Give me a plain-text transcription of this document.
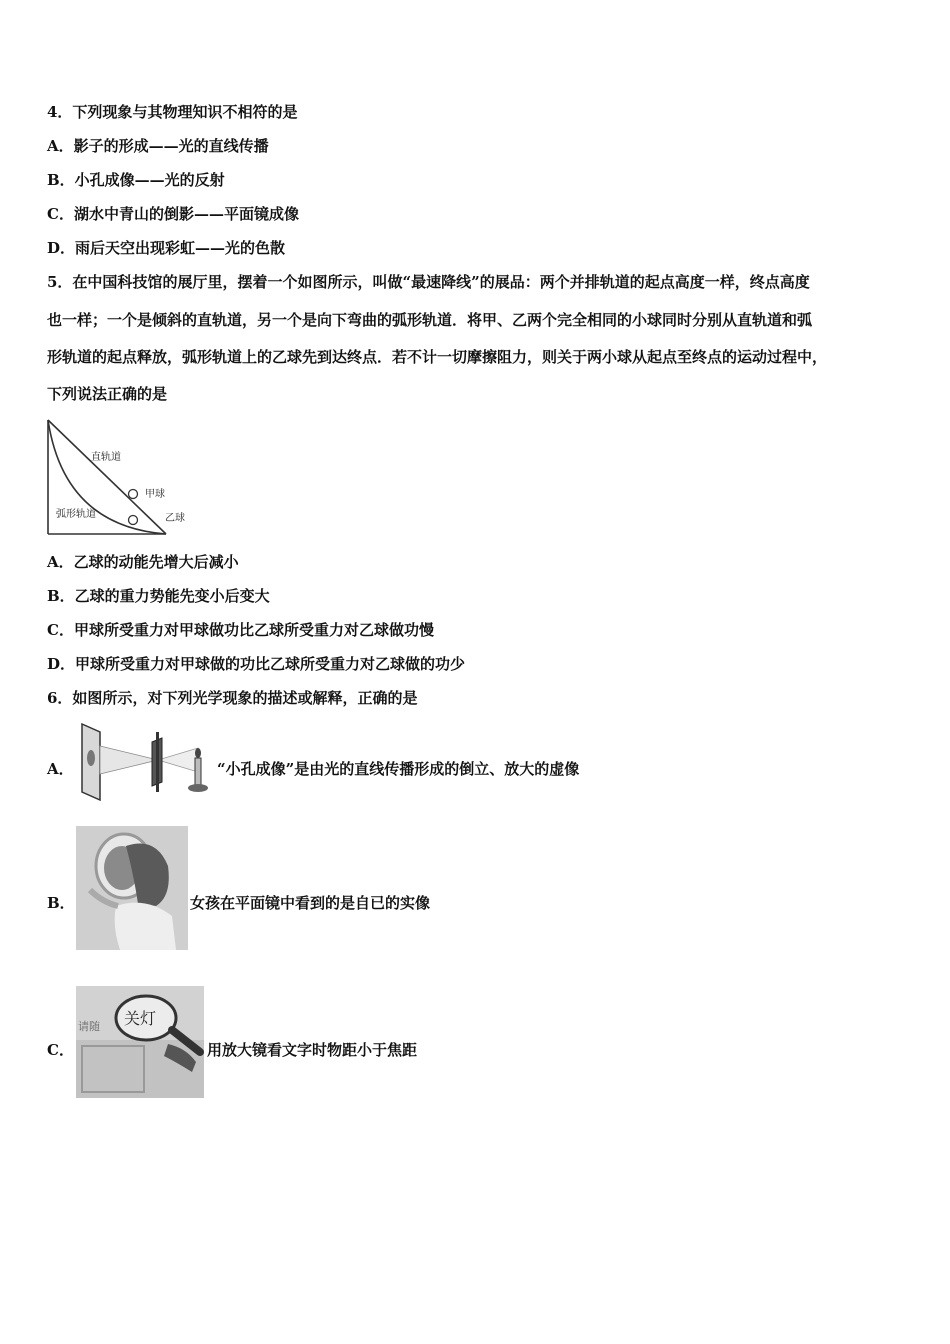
4．下列现象与其物理知识不相符的是
A．影子的形成——光的直线传播
B．小孔成像——光的反射
C．湖水中青山的倒影——平面镜成像
D．雨后天空出现彩虹——光的色散
5．在中国科技馆的展厅里，摆着一个如图所示，叫做“最速降线”的展品：两个并排轨道的起点高度一样，终点高度
也一样；一个是倾斜的直轨道，另一个是向下弯曲的弧形轨道．将甲、乙两个完全相同的小球同时分别从直轨道和弧
形轨道的起点释放，弧形轨道上的乙球先到达终点．若不计一切摩擦阻力，则关于两小球从起点至终点的运动过程中，
下列说法正确的是
直轨道
弧形轨道
甲球
乙球
A．乙球的动能先增大后减小
B．乙球的重力势能先变小后变大
C．甲球所受重力对甲球做功比乙球所受重力对乙球做功慢
D．甲球所受重力对甲球做的功比乙球所受重力对乙球做的功少
6．如图所示，对下列光学现象的描述或解释，正确的是
A．	“小孔成像”是由光的直线传播形成的倒立、放大的虚像
B．	女孩在平面镜中看到的是自已的实像
C．
请随 关灯
用放大镜看文字时物距小于焦距
